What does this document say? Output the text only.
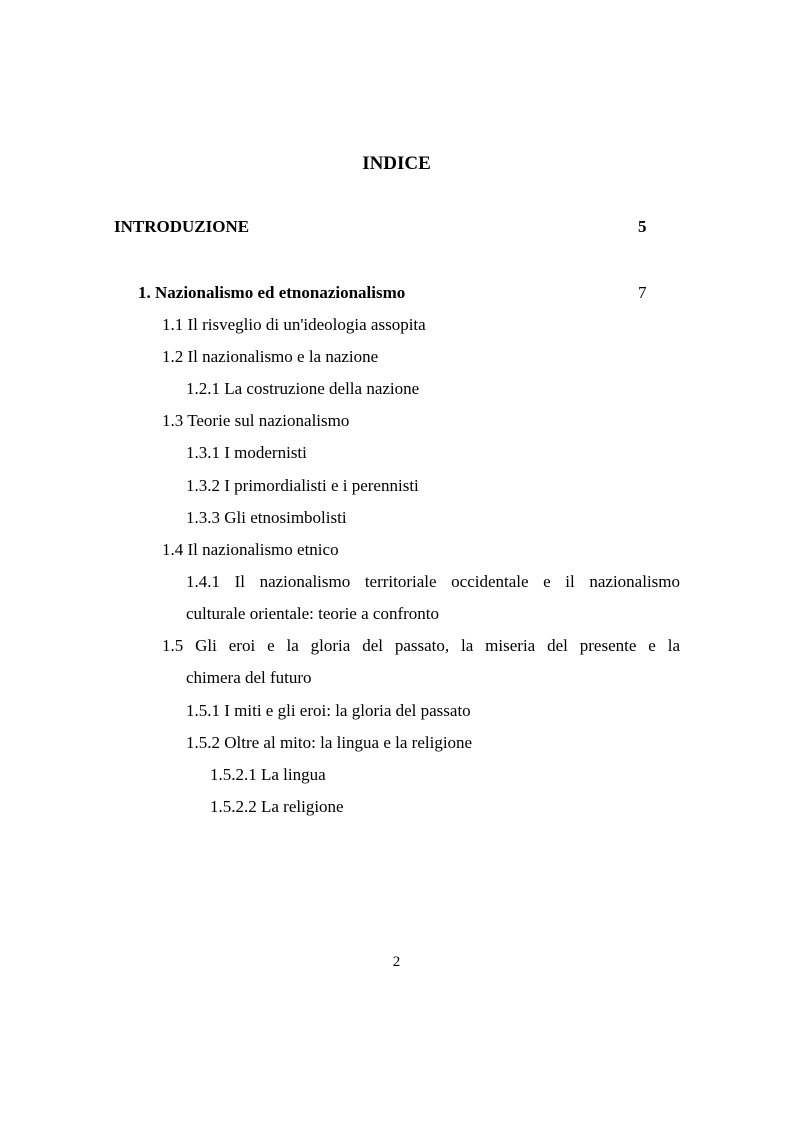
INDICE
INTRODUZIONE	5
1. Nazionalismo ed etnonazionalismo	7
1.1 Il risveglio di un'ideologia assopita
1.2 Il nazionalismo e la nazione
1.2.1 La costruzione della nazione
1.3 Teorie sul nazionalismo
1.3.1 I modernisti
1.3.2 I primordialisti e i perennisti
1.3.3 Gli etnosimbolisti
1.4 Il nazionalismo etnico
1.4.1 Il nazionalismo territoriale occidentale e il nazionalismo
culturale orientale: teorie a confronto
1.5 Gli eroi e la gloria del passato, la miseria del presente e la
chimera del futuro
1.5.1 I miti e gli eroi: la gloria del passato
1.5.2 Oltre al mito: la lingua e la religione
1.5.2.1 La lingua
1.5.2.2 La religione
2
